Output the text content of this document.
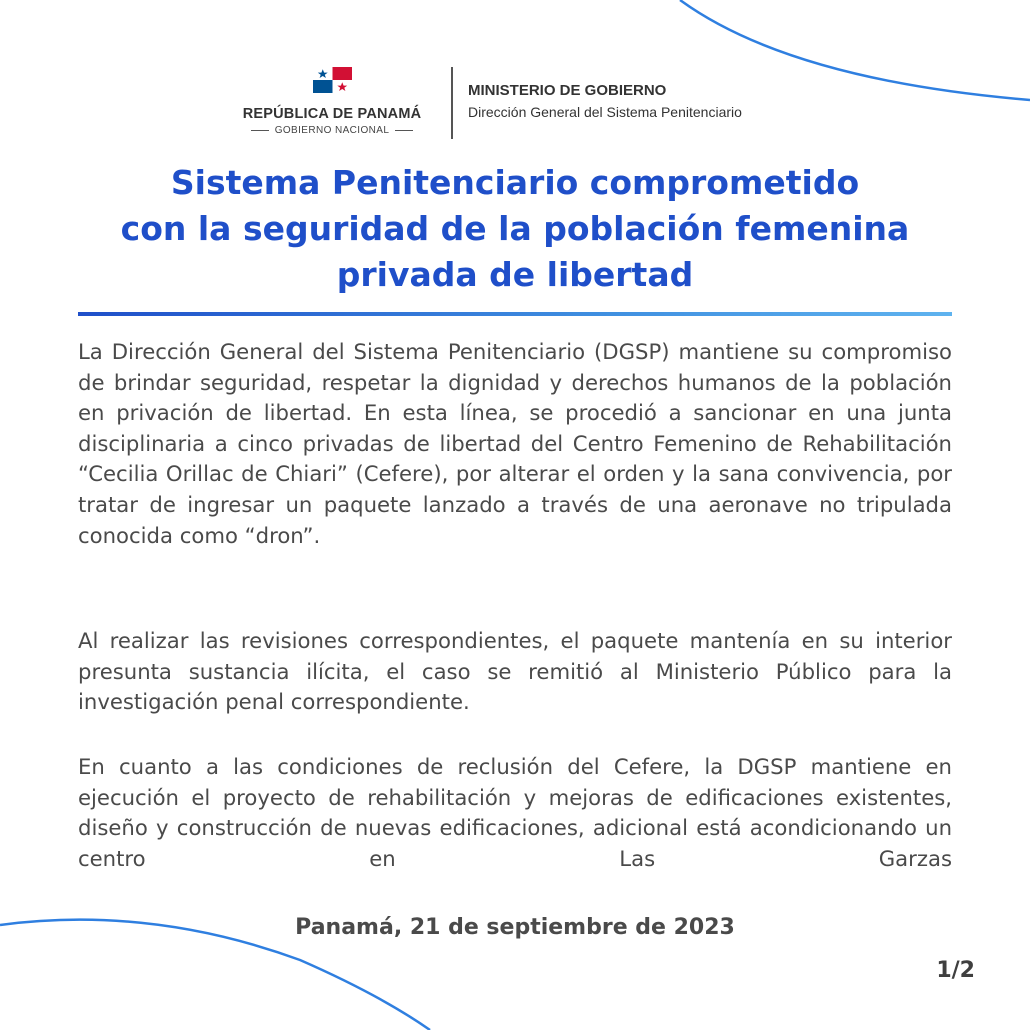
REPÚBLICA DE PANAMÁ
GOBIERNO NACIONAL
MINISTERIO DE GOBIERNO
Dirección General del Sistema Penitenciario
Sistema Penitenciario comprometido
con la seguridad de la población femenina
privada de libertad

La Dirección General del Sistema Penitenciario (DGSP) mantiene su compromiso de brindar seguridad, respetar la dignidad y derechos humanos de la población en privación de libertad. En esta línea, se procedió a sancionar en una junta disciplinaria a cinco privadas de libertad del Centro Femenino de Rehabilitación “Cecilia Orillac de Chiari” (Cefere), por alterar el orden y la sana convivencia, por tratar de ingresar un paquete lanzado a través de una aeronave no tripulada conocida como “dron”.

Al realizar las revisiones correspondientes, el paquete mantenía en su interior presunta sustancia ilícita, el caso se remitió al Ministerio Público para la investigación penal correspondiente.

En cuanto a las condiciones de reclusión del Cefere, la DGSP mantiene en ejecución el proyecto de rehabilitación y mejoras de edificaciones existentes, diseño y construcción de nuevas edificaciones, adicional está acondicionando un centro en Las Garzas

Panamá, 21 de septiembre de 2023
1/2
